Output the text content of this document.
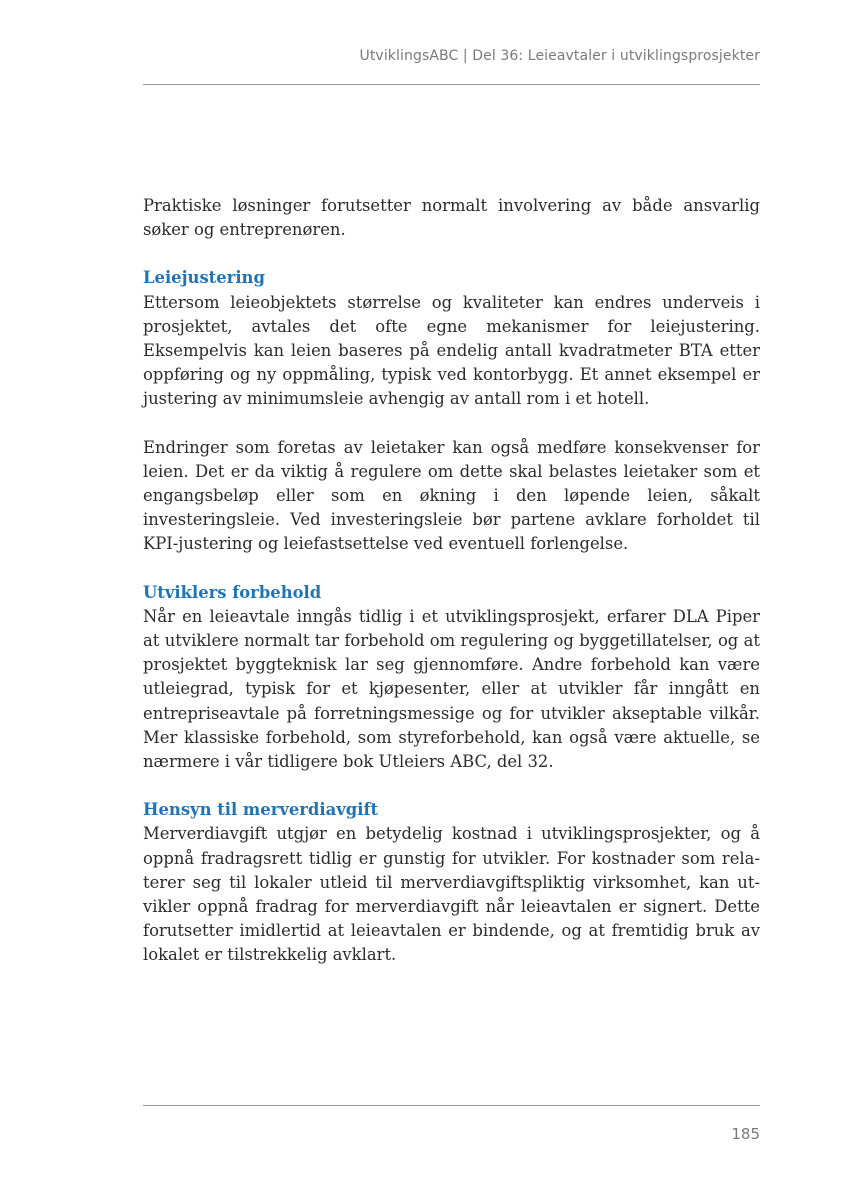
UtviklingsABC | Del 36: Leieavtaler i utviklingsprosjekter

Praktiske løsninger forutsetter normalt involvering av både ansvarlig søker og entreprenøren.

Leiejustering

Ettersom leieobjektets størrelse og kvaliteter kan endres underveis i prosjektet, avtales det ofte egne mekanismer for leiejustering. Eksempelvis kan leien baseres på endelig antall kvadratmeter BTA etter oppføring og ny oppmåling, typisk ved kontorbygg. Et annet eksempel er justering av minimumsleie avhengig av antall rom i et hotell.

Endringer som foretas av leietaker kan også medføre konsekvenser for leien. Det er da viktig å regulere om dette skal belastes leietaker som et engangsbeløp eller som en økning i den løpende leien, såkalt investeringsleie. Ved investeringsleie bør partene avklare forholdet til KPI-justering og leiefastsettelse ved eventuell forlengelse.

Utviklers forbehold

Når en leieavtale inngås tidlig i et utviklingsprosjekt, erfarer DLA Piper at utviklere normalt tar forbehold om regulering og byggetillatelser, og at prosjektet byggteknisk lar seg gjennomføre. Andre forbehold kan være utleiegrad, typisk for et kjøpesenter, eller at utvikler får inngått en entrepriseavtale på forretningsmessige og for utvikler akseptable vilkår. Mer klassiske forbehold, som styreforbehold, kan også være aktuelle, se nærmere i vår tidligere bok Utleiers ABC, del 32.

Hensyn til merverdiavgift

Merverdiavgift utgjør en betydelig kostnad i utviklingsprosjekter, og å oppnå fradragsrett tidlig er gunstig for utvikler. For kostnader som relaterer seg til lokaler utleid til merverdiavgiftspliktig virksomhet, kan utvikler oppnå fradrag for merverdiavgift når leieavtalen er signert. Dette forutsetter imidlertid at leieavtalen er bindende, og at fremtidig bruk av lokalet er tilstrekkelig avklart.

185
